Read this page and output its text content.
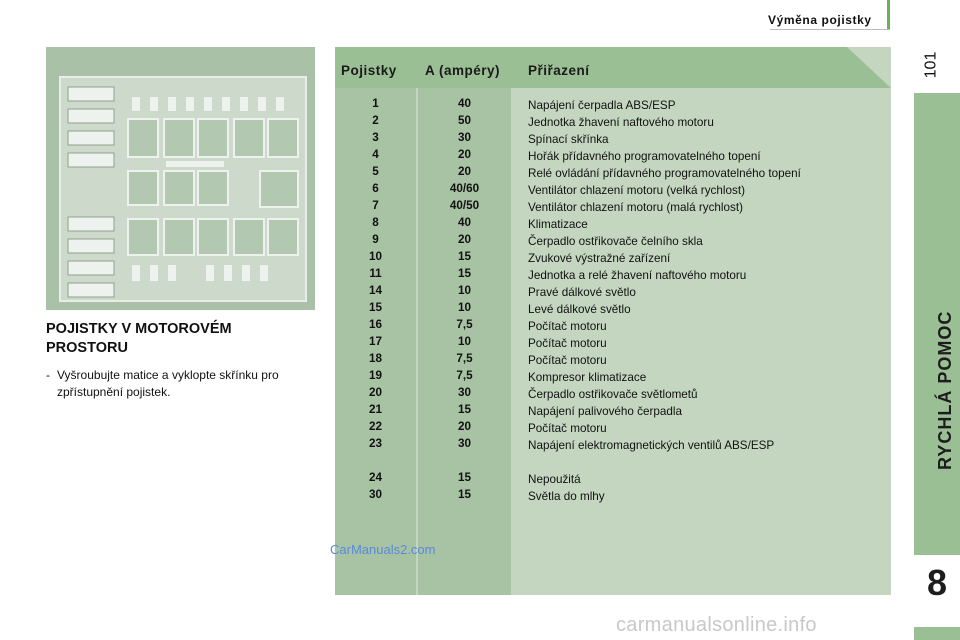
Výměna pojistky
101
8
RYCHLÁ POMOC
POJISTKY V MOTOROVÉM PROSTORU
- Vyšroubujte matice a vyklopte skřínku pro zpřístupnění pojistek.
Pojistky A (ampéry) Přiřazení
1	40	Napájení čerpadla ABS/ESP
2	50	Jednotka žhavení naftového motoru
3	30	Spínací skřínka
4	20	Hořák přídavného programovatelného topení
5	20	Relé ovládání přídavného programovatelného topení
6	40/60	Ventilátor chlazení motoru (velká rychlost)
7	40/50	Ventilátor chlazení motoru (malá rychlost)
8	40	Klimatizace
9	20	Čerpadlo ostřikovače čelního skla
10	15	Zvukové výstražné zařízení
11	15	Jednotka a relé žhavení naftového motoru
14	10	Pravé dálkové světlo
15	10	Levé dálkové světlo
16	7,5	Počítač motoru
17	10	Počítač motoru
18	7,5	Počítač motoru
19	7,5	Kompresor klimatizace
20	30	Čerpadlo ostřikovače světlometů
21	15	Napájení palivového čerpadla
22	20	Počítač motoru
23	30	Napájení elektromagnetických ventilů ABS/ESP
24	15	Nepoužitá
30	15	Světla do mlhy
CarManuals2.com
carmanualsonline.info
